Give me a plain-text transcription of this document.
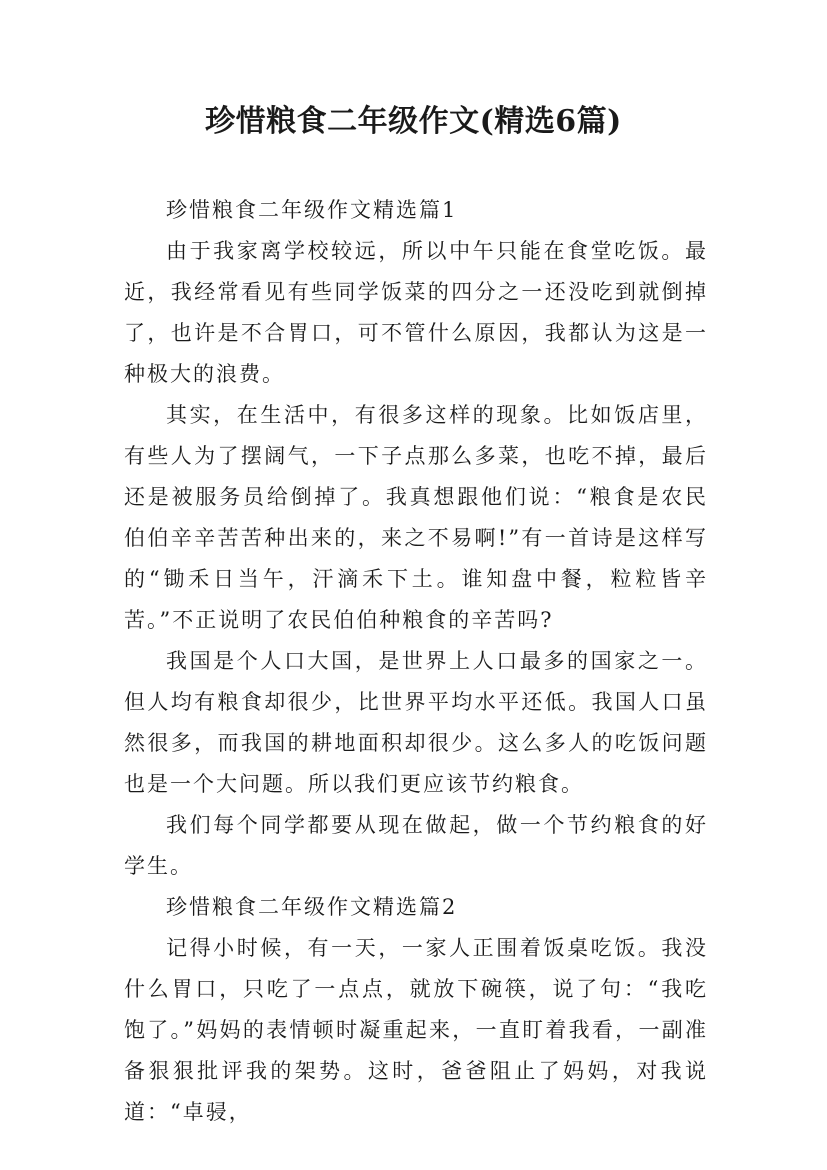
珍惜粮食二年级作文(精选6篇)

珍惜粮食二年级作文精选篇1

由于我家离学校较远，所以中午只能在食堂吃饭。最近，我经常看见有些同学饭菜的四分之一还没吃到就倒掉了，也许是不合胃口，可不管什么原因，我都认为这是一种极大的浪费。

其实，在生活中，有很多这样的现象。比如饭店里，有些人为了摆阔气，一下子点那么多菜，也吃不掉，最后还是被服务员给倒掉了。我真想跟他们说：“粮食是农民伯伯辛辛苦苦种出来的，来之不易啊!”有一首诗是这样写的“锄禾日当午，汗滴禾下土。谁知盘中餐，粒粒皆辛苦。”不正说明了农民伯伯种粮食的辛苦吗?

我国是个人口大国，是世界上人口最多的国家之一。但人均有粮食却很少，比世界平均水平还低。我国人口虽然很多，而我国的耕地面积却很少。这么多人的吃饭问题也是一个大问题。所以我们更应该节约粮食。

我们每个同学都要从现在做起，做一个节约粮食的好学生。

珍惜粮食二年级作文精选篇2

记得小时候，有一天，一家人正围着饭桌吃饭。我没什么胃口，只吃了一点点，就放下碗筷，说了句：“我吃饱了。”妈妈的表情顿时凝重起来，一直盯着我看，一副准备狠狠批评我的架势。这时，爸爸阻止了妈妈，对我说道：“卓骎，
